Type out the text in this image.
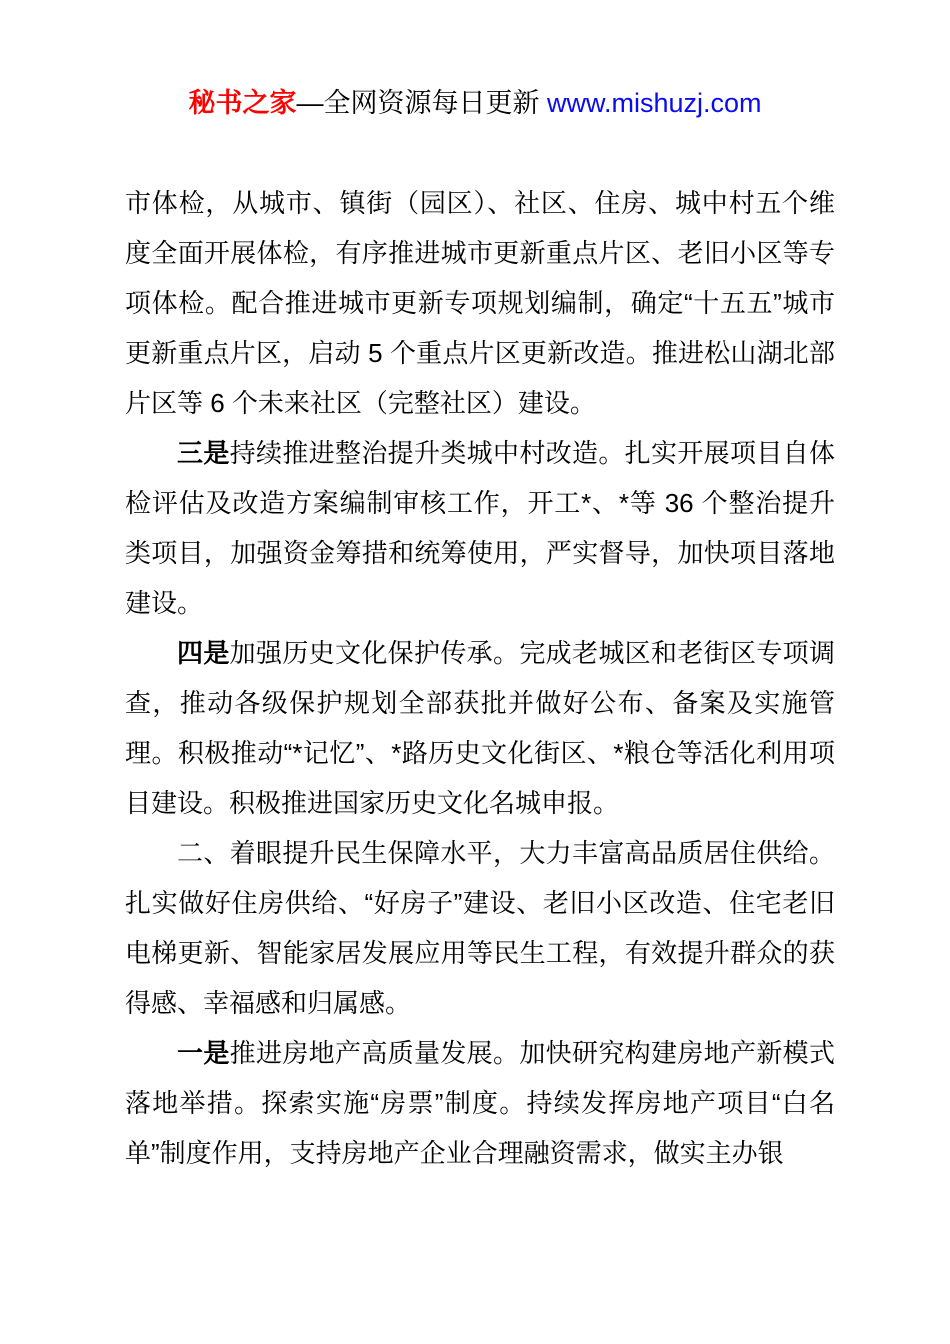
秘书之家—全网资源每日更新 www.mishuzj.com

市体检，从城市、镇街（园区）、社区、住房、城中村五个维度全面开展体检，有序推进城市更新重点片区、老旧小区等专项体检。配合推进城市更新专项规划编制，确定“十五五”城市更新重点片区，启动 5 个重点片区更新改造。推进松山湖北部片区等 6 个未来社区（完整社区）建设。

三是持续推进整治提升类城中村改造。扎实开展项目自体检评估及改造方案编制审核工作，开工*、*等 36 个整治提升类项目，加强资金筹措和统筹使用，严实督导，加快项目落地建设。

四是加强历史文化保护传承。完成老城区和老街区专项调查，推动各级保护规划全部获批并做好公布、备案及实施管理。积极推动“*记忆”、*路历史文化街区、*粮仓等活化利用项目建设。积极推进国家历史文化名城申报。

二、着眼提升民生保障水平，大力丰富高品质居住供给。扎实做好住房供给、“好房子”建设、老旧小区改造、住宅老旧电梯更新、智能家居发展应用等民生工程，有效提升群众的获得感、幸福感和归属感。

一是推进房地产高质量发展。加快研究构建房地产新模式落地举措。探索实施“房票”制度。持续发挥房地产项目“白名单”制度作用，支持房地产企业合理融资需求，做实主办银
